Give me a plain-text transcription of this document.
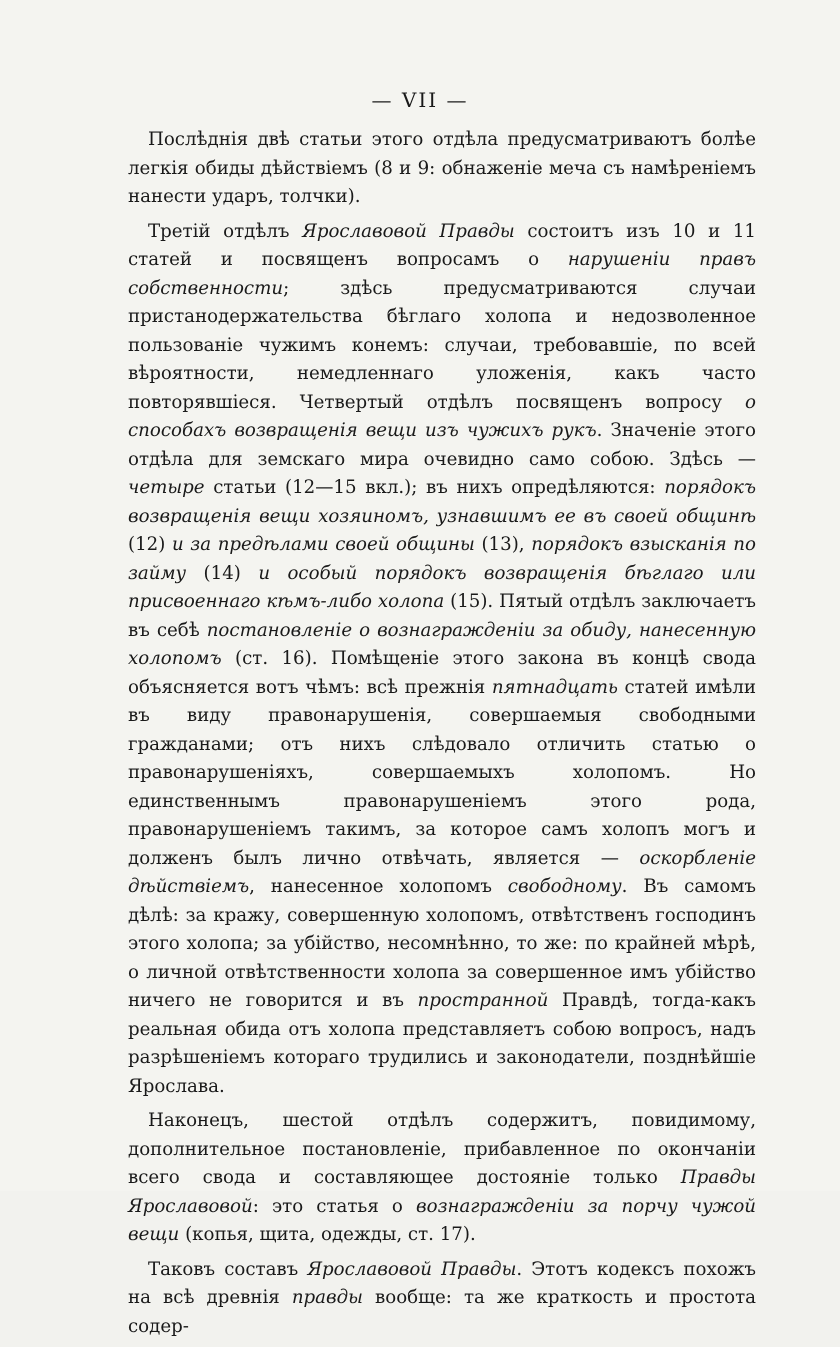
— VII —

Послѣднія двѣ статьи этого отдѣла предусматриваютъ болѣе легкія обиды дѣйствіемъ (8 и 9: обнаженіе меча съ намѣреніемъ нанести ударъ, толчки).

Третій отдѣлъ Ярославовой Правды состоитъ изъ 10 и 11 статей и посвященъ вопросамъ о нарушеніи правъ собственности; здѣсь предусматриваются случаи пристанодержательства бѣглаго холопа и недозволенное пользованіе чужимъ конемъ: случаи, требовавшіе, по всей вѣроятности, немедленнаго уложенія, какъ часто повторявшіеся. Четвертый отдѣлъ посвященъ вопросу о способахъ возвращенія вещи изъ чужихъ рукъ. Значеніе этого отдѣла для земскаго мира очевидно само собою. Здѣсь — четыре статьи (12—15 вкл.); въ нихъ опредѣляются: порядокъ возвращенія вещи хозяиномъ, узнавшимъ ее въ своей общинѣ (12) и за предѣлами своей общины (13), порядокъ взысканія по займу (14) и особый порядокъ возвращенія бѣглаго или присвоеннаго кѣмъ-либо холопа (15). Пятый отдѣлъ заключаетъ въ себѣ постановленіе о вознагражденіи за обиду, нанесенную холопомъ (ст. 16). Помѣщеніе этого закона въ концѣ свода объясняется вотъ чѣмъ: всѣ прежнія пятнадцать статей имѣли въ виду правонарушенія, совершаемыя свободными гражданами; отъ нихъ слѣдовало отличить статью о правонарушеніяхъ, совершаемыхъ холопомъ. Но единственнымъ правонарушеніемъ этого рода, правонарушеніемъ такимъ, за которое самъ холопъ могъ и долженъ былъ лично отвѣчать, является — оскорбленіе дѣйствіемъ, нанесенное холопомъ свободному. Въ самомъ дѣлѣ: за кражу, совершенную холопомъ, отвѣтственъ господинъ этого холопа; за убійство, несомнѣнно, то же: по крайней мѣрѣ, о личной отвѣтственности холопа за совершенное имъ убійство ничего не говорится и въ пространной Правдѣ, тогда-какъ реальная обида отъ холопа представляетъ собою вопросъ, надъ разрѣшеніемъ котораго трудились и законодатели, позднѣйшіе Ярослава.

Наконецъ, шестой отдѣлъ содержитъ, повидимому, дополнительное постановленіе, прибавленное по окончаніи всего свода и составляющее достояніе только Правды Ярославовой: это статья о вознагражденіи за порчу чужой вещи (копья, щита, одежды, ст. 17).

Таковъ составъ Ярославовой Правды. Этотъ кодексъ похожъ на всѣ древнія правды вообще: та же краткость и простота содер-
